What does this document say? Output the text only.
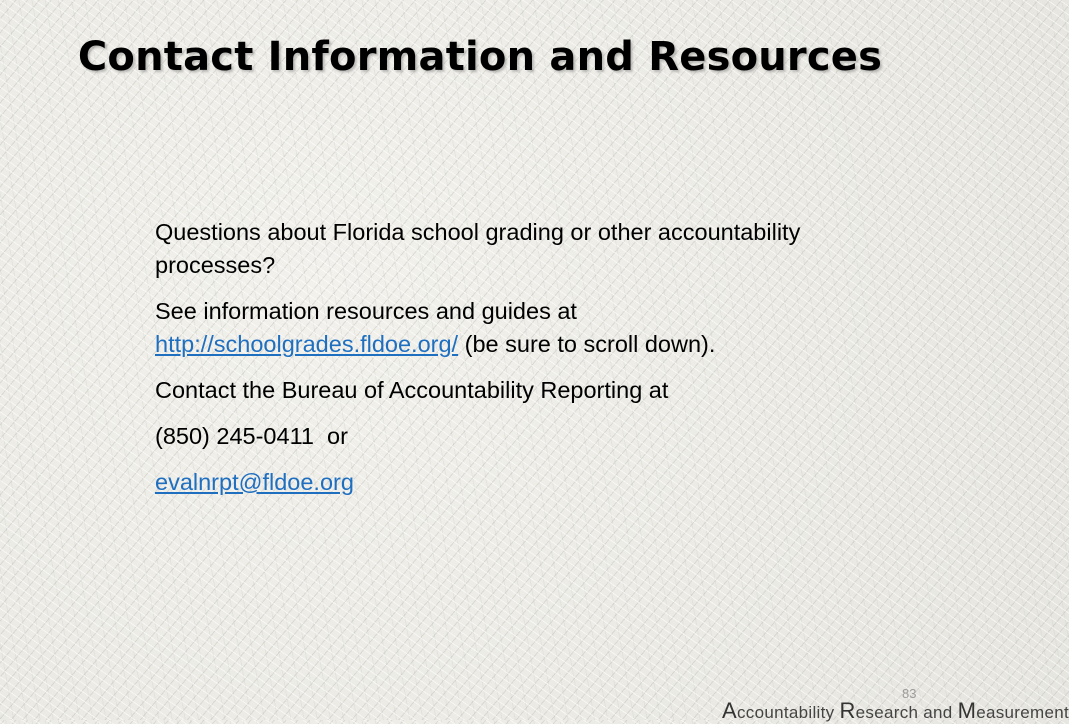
Contact Information and Resources

Questions about Florida school grading or other accountability processes?

See information resources and guides at http://schoolgrades.fldoe.org/ (be sure to scroll down).

Contact the Bureau of Accountability Reporting at

(850) 245-0411  or

evalnrpt@fldoe.org

83
Accountability Research and Measurement
